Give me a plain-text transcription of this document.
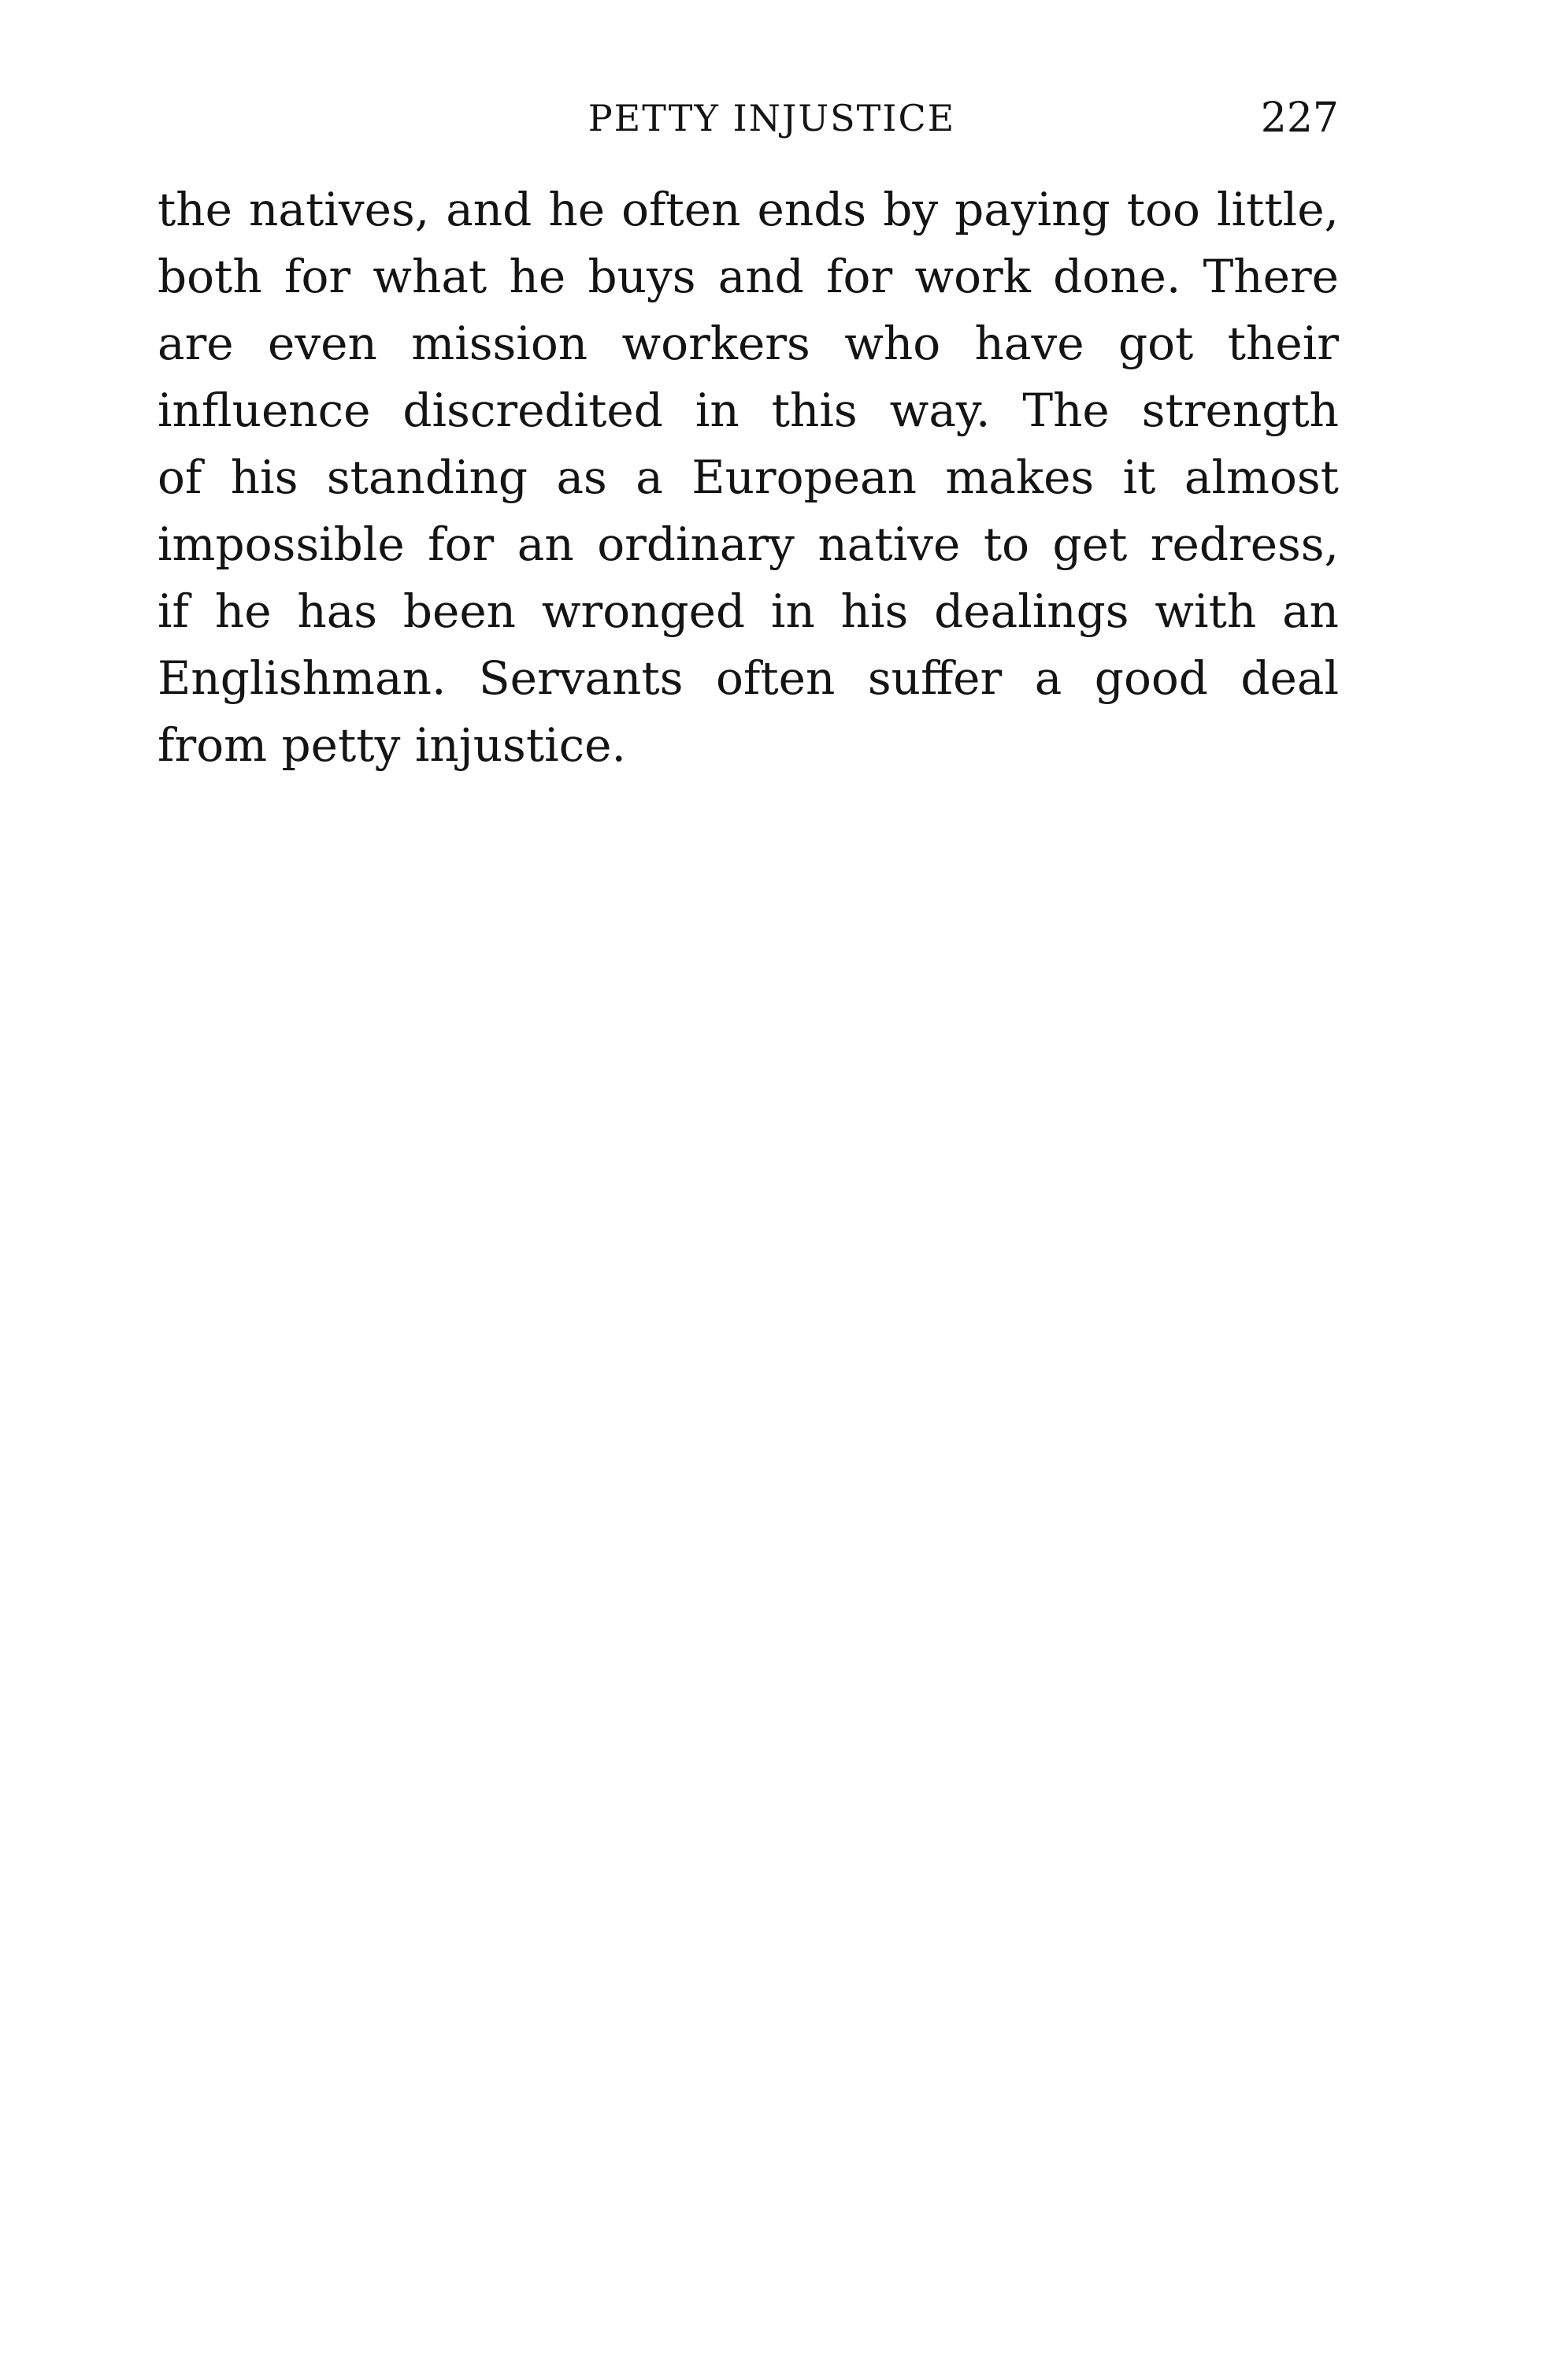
PETTY INJUSTICE	227
the natives, and he often ends by paying too little,
both for what he buys and for work done. There
are even mission workers who have got their
influence discredited in this way. The strength
of his standing as a European makes it almost
impossible for an ordinary native to get redress,
if he has been wronged in his dealings with an
Englishman. Servants often suffer a good deal
from petty injustice.
